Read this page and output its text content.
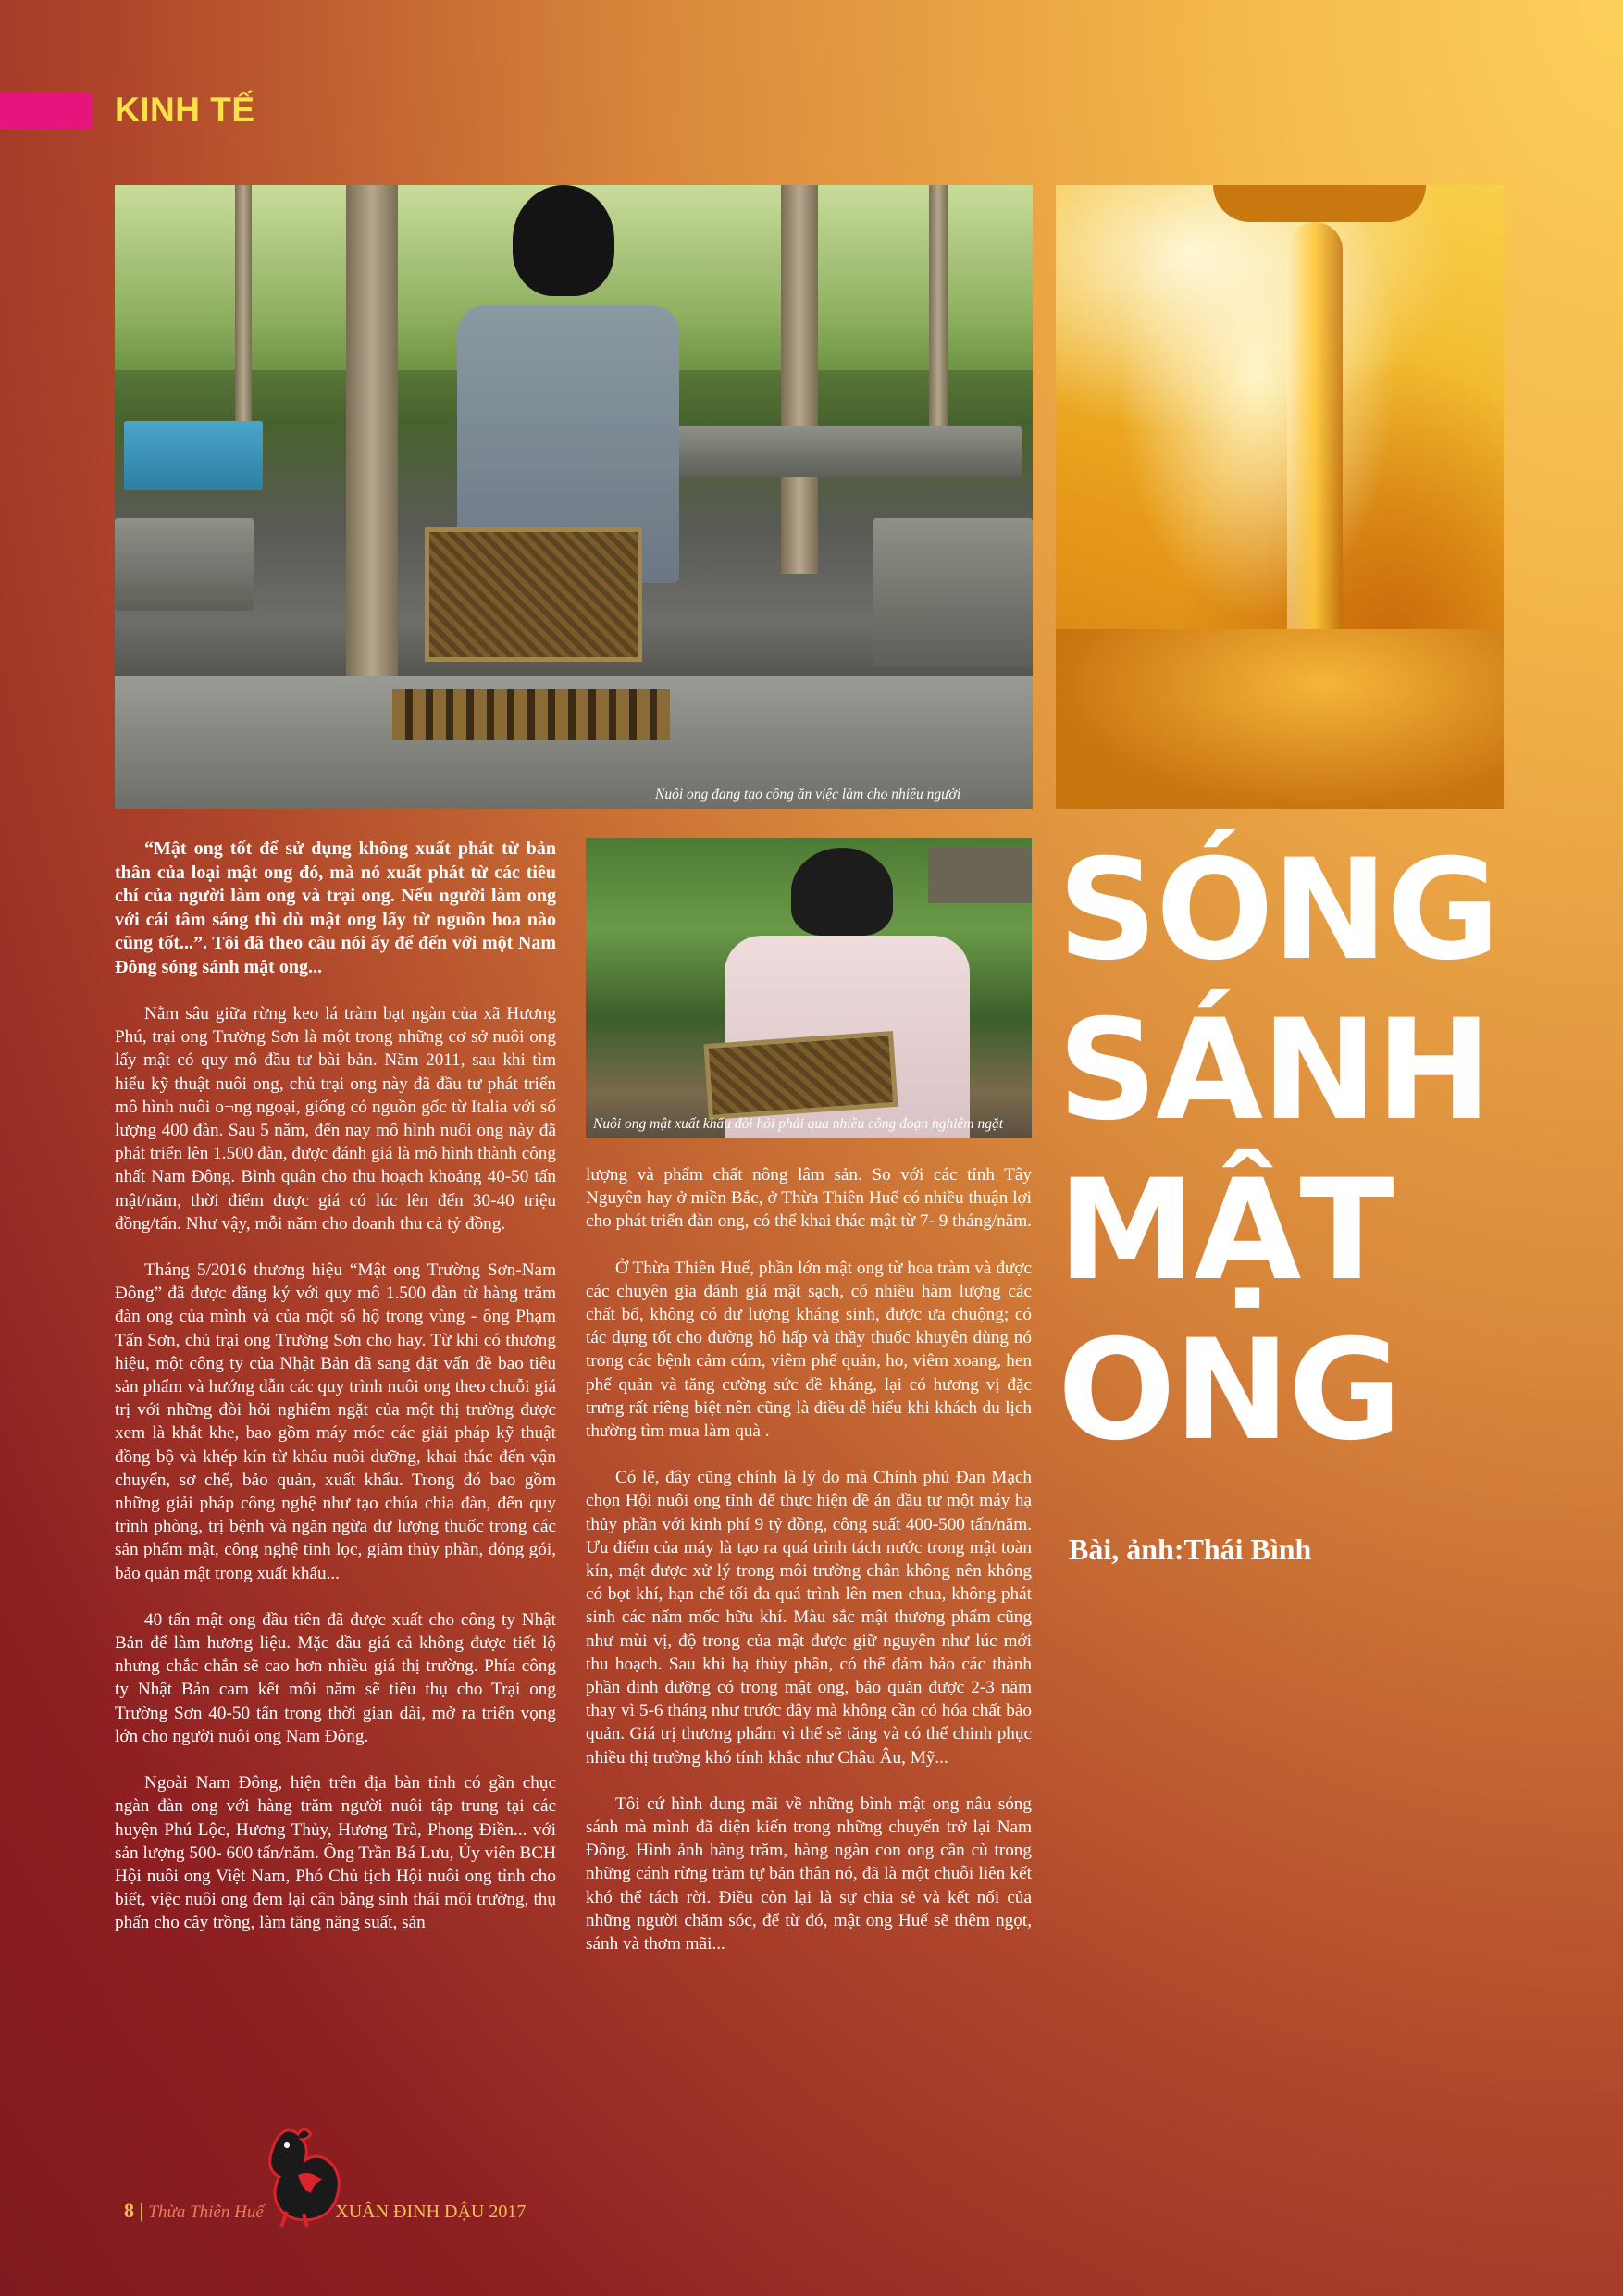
KINH TẾ
Nuôi ong đang tạo công ăn việc làm cho nhiều người
Nuôi ong mật xuất khẩu đòi hỏi phải qua nhiều công đoạn nghiêm ngặt

“Mật ong tốt để sử dụng không xuất phát từ bản thân của loại mật ong đó, mà nó xuất phát từ các tiêu chí của người làm ong và trại ong. Nếu người làm ong với cái tâm sáng thì dù mật ong lấy từ nguồn hoa nào cũng tốt...”. Tôi đã theo câu nói ấy để đến với một Nam Đông sóng sánh mật ong...

Nằm sâu giữa rừng keo lá tràm bạt ngàn của xã Hương Phú, trại ong Trường Sơn là một trong những cơ sở nuôi ong lấy mật có quy mô đầu tư bài bản. Năm 2011, sau khi tìm hiểu kỹ thuật nuôi ong, chủ trại ong này đã đầu tư phát triển mô hình nuôi o¬ng ngoại, giống có nguồn gốc từ Italia với số lượng 400 đàn. Sau 5 năm, đến nay mô hình nuôi ong này đã phát triển lên 1.500 đàn, được đánh giá là mô hình thành công nhất Nam Đông. Bình quân cho thu hoạch khoảng 40-50 tấn mật/năm, thời điểm được giá có lúc lên đến 30-40 triệu đồng/tấn. Như vậy, mỗi năm cho doanh thu cả tỷ đồng.

Tháng 5/2016 thương hiệu “Mật ong Trường Sơn-Nam Đông” đã được đăng ký với quy mô 1.500 đàn từ hàng trăm đàn ong của mình và của một số hộ trong vùng - ông Phạm Tấn Sơn, chủ trại ong Trường Sơn cho hay. Từ khi có thương hiệu, một công ty của Nhật Bản đã sang đặt vấn đề bao tiêu sản phẩm và hướng dẫn các quy trình nuôi ong theo chuỗi giá trị với những đòi hỏi nghiêm ngặt của một thị trường được xem là khắt khe, bao gồm máy móc các giải pháp kỹ thuật đồng bộ và khép kín từ khâu nuôi dưỡng, khai thác đến vận chuyển, sơ chế, bảo quản, xuất khẩu. Trong đó bao gồm những giải pháp công nghệ như tạo chúa chia đàn, đến quy trình phòng, trị bệnh và ngăn ngừa dư lượng thuốc trong các sản phẩm mật, công nghệ tinh lọc, giảm thủy phần, đóng gói, bảo quản mật trong xuất khẩu...

40 tấn mật ong đầu tiên đã được xuất cho công ty Nhật Bản để làm hương liệu. Mặc dầu giá cả không được tiết lộ nhưng chắc chắn sẽ cao hơn nhiều giá thị trường. Phía công ty Nhật Bản cam kết mỗi năm sẽ tiêu thụ cho Trại ong Trường Sơn 40-50 tấn trong thời gian dài, mở ra triển vọng lớn cho người nuôi ong Nam Đông.

Ngoài Nam Đông, hiện trên địa bàn tỉnh có gần chục ngàn đàn ong với hàng trăm người nuôi tập trung tại các huyện Phú Lộc, Hương Thủy, Hương Trà, Phong Điền... với sản lượng 500- 600 tấn/năm. Ông Trần Bá Lưu, Ủy viên BCH Hội nuôi ong Việt Nam, Phó Chủ tịch Hội nuôi ong tỉnh cho biết, việc nuôi ong đem lại cân bằng sinh thái môi trường, thụ phấn cho cây trồng, làm tăng năng suất, sản

lượng và phẩm chất nông lâm sản. So với các tỉnh Tây Nguyên hay ở miền Bắc, ở Thừa Thiên Huế có nhiều thuận lợi cho phát triển đàn ong, có thể khai thác mật từ 7- 9 tháng/năm.

Ở Thừa Thiên Huế, phần lớn mật ong từ hoa tràm và được các chuyên gia đánh giá mật sạch, có nhiều hàm lượng các chất bổ, không có dư lượng kháng sinh, được ưa chuộng; có tác dụng tốt cho đường hô hấp và thầy thuốc khuyên dùng nó trong các bệnh cảm cúm, viêm phế quản, ho, viêm xoang, hen phế quản và tăng cường sức đề kháng, lại có hương vị đặc trưng rất riêng biệt nên cũng là điều dễ hiểu khi khách du lịch thường tìm mua làm quà .

Có lẽ, đây cũng chính là lý do mà Chính phủ Đan Mạch chọn Hội nuôi ong tỉnh để thực hiện đề án đầu tư một máy hạ thủy phần với kinh phí 9 tỷ đồng, công suất 400-500 tấn/năm. Ưu điểm của máy là tạo ra quá trình tách nước trong mật toàn kín, mật được xử lý trong môi trường chân không nên không có bọt khí, hạn chế tối đa quá trình lên men chua, không phát sinh các nấm mốc hữu khí. Màu sắc mật thương phẩm cũng như mùi vị, độ trong của mật được giữ nguyên như lúc mới thu hoạch. Sau khi hạ thủy phần, có thể đảm bảo các thành phần dinh dưỡng có trong mật ong, bảo quản được 2-3 năm thay vì 5-6 tháng như trước đây mà không cần có hóa chất bảo quản. Giá trị thương phẩm vì thế sẽ tăng và có thể chinh phục nhiều thị trường khó tính khắc như Châu Âu, Mỹ...

Tôi cứ hình dung mãi về những bình mật ong nâu sóng sánh mà mình đã diện kiến trong những chuyến trở lại Nam Đông. Hình ảnh hàng trăm, hàng ngàn con ong cần cù trong những cánh rừng tràm tự bản thân nó, đã là một chuỗi liên kết khó thể tách rời. Điều còn lại là sự chia sẻ và kết nối của những người chăm sóc, để từ đó, mật ong Huế sẽ thêm ngọt, sánh và thơm mãi...

SÓNG
SÁNH
MẬT
ONG
Bài, ảnh:Thái Bình
8 | Thừa Thiên Huế	XUÂN ĐINH DẬU 2017
